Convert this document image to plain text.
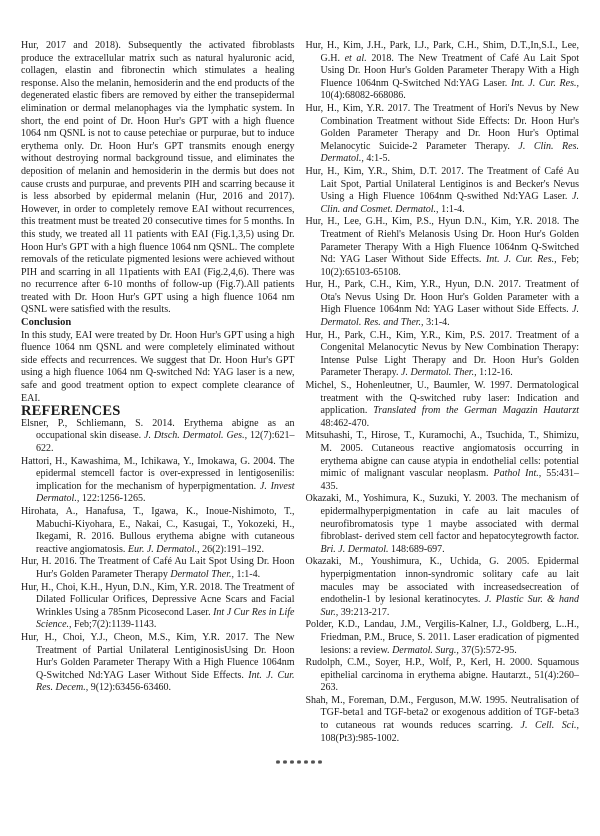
Hur, 2017 and 2018). Subsequently the activated fibroblasts produce the extracellular matrix such as natural hyaluronic acid, collagen, elastin and fibronectin which stimulates a healing response. Also the melanin, hemosiderin and the end products of the degenerated elastic fibers are removed by either the transepidermal elimination or dermal melanophages via the lymphatic system. In short, the end point of Dr. Hoon Hur's GPT with a high fluence 1064 nm QSNL is not to cause petechiae or purpurae, but to induce erythema only. Dr. Hoon Hur's GPT transmits enough energy without destroying normal background tissue, and eliminates the deposition of melanin and hemosiderin in the dermis but does not cause crusts and purpurae, and prevents PIH and scarring because it is less absorbed by epidermal melanin (Hur, 2016 and 2017). However, in order to completely remove EAI without recurrences, this treatment must be treated 20 consecutive times for 5 months. In this study, we treated all 11 patients with EAI (Fig.1,3,5) using Dr. Hoon Hur's GPT with a high fluence 1064 nm QSNL. The complete removals of the reticulate pigmented lesions were achieved without PIH and scarring in all 11patients with EAI (Fig.2,4,6). There was no recurrence after 6-10 months of follow-up (Fig.7).All patients treated with Dr. Hoon Hur's GPT using a high fluence 1064 nm QSNL were satisfied with the results.

Conclusion

In this study, EAI were treated by Dr. Hoon Hur's GPT using a high fluence 1064 nm QSNL and were completely eliminated without side effects and recurrences. We suggest that Dr. Hoon Hur's GPT using a high fluence 1064 nm Q-switched Nd: YAG laser is a new, safe and good treatment option to expect complete clearance of EAI.

REFERENCES

Elsner, P., Schliemann, S. 2014. Erythema abigne as an occupational skin disease. J. Dtsch. Dermatol. Ges., 12(7):621–622.

Hattori, H., Kawashima, M., Ichikawa, Y., Imokawa, G. 2004. The epidermal stemcell factor is over-expressed in lentigosenilis: implication for the mechanism of hyperpigmentation. J. Invest Dermatol., 122:1256-1265.

Hirohata, A., Hanafusa, T., Igawa, K., Inoue-Nishimoto, T., Mabuchi-Kiyohara, E., Nakai, C., Kasugai, T., Yokozeki, H., Ikegami, R. 2016. Bullous erythema abigne with cutaneous reactive angiomatosis. Eur. J. Dermatol., 26(2):191–192.

Hur, H. 2016. The Treatment of Café Au Lait Spot Using Dr. Hoon Hur's Golden Parameter Therapy Dermatol Ther., 1:1-4.

Hur, H., Choi, K.H., Hyun, D.N., Kim, Y.R. 2018. The Treatment of Dilated Follicular Orifices, Depressive Acne Scars and Facial Wrinkles Using a 785nm Picosecond Laser. Int J Cur Res in Life Science., Feb;7(2):1139-1143.

Hur, H., Choi, Y.J., Cheon, M.S., Kim, Y.R. 2017. The New Treatment of Partial Unilateral LentiginosisUsing Dr. Hoon Hur's Golden Parameter Therapy With a High Fluence 1064nm Q-Switched Nd:YAG Laser Without Side Effects. Int. J. Cur. Res. Decem., 9(12):63456-63460.

Hur, H., Kim, J.H., Park, I.J., Park, C.H., Shim, D.T.,In,S.I., Lee, G.H. et al. 2018. The New Treatment of Café Au Lait Spot Using Dr. Hoon Hur's Golden Parameter Therapy With a High Fluence 1064nm Q-Switched Nd:YAG Laser. Int. J. Cur. Res., 10(4):68082-668086.

Hur, H., Kim, Y.R. 2017. The Treatment of Hori's Nevus by New Combination Treatment without Side Effects: Dr. Hoon Hur's Golden Parameter Therapy and Dr. Hoon Hur's Optimal Melanocytic Suicide-2 Parameter Therapy. J. Clin. Res. Dermatol., 4:1-5.

Hur, H., Kim, Y.R., Shim, D.T. 2017. The Treatment of Café Au Lait Spot, Partial Unilateral Lentiginos is and Becker's Nevus Using a High Fluence 1064nm Q-swithed Nd:YAG Laser. J. Clin. and Cosmet. Dermatol., 1:1-4.

Hur, H., Lee, G.H., Kim, P.S., Hyun D.N., Kim, Y.R. 2018. The Treatment of Riehl's Melanosis Using Dr. Hoon Hur's Golden Parameter Therapy With a High Fluence 1064nm Q-Switched Nd: YAG Laser Without Side Effects. Int. J. Cur. Res., Feb; 10(2):65103-65108.

Hur, H., Park, C.H., Kim, Y.R., Hyun, D.N. 2017. Treatment of Ota's Nevus Using Dr. Hoon Hur's Golden Parameter with a High Fluence 1064nm Nd: YAG Laser without Side Effects. J. Dermatol. Res. and Ther., 3:1-4.

Hur, H., Park, C.H., Kim, Y.R., Kim, P.S. 2017. Treatment of a Congenital Melanocytic Nevus by New Combination Therapy: Intense Pulse Light Therapy and Dr. Hoon Hur's Golden Parameter Therapy. J. Dermatol. Ther., 1:12-16.

Michel, S., Hohenleutner, U., Baumler, W. 1997. Dermatological treatment with the Q-switched ruby laser: Indication and application. Translated from the German Magazin Hautarzt 48:462-470.

Mitsuhashi, T., Hirose, T., Kuramochi, A., Tsuchida, T., Shimizu, M. 2005. Cutaneous reactive angiomatosis occurring in erythema abigne can cause atypia in endothelial cells: potential mimic of malignant vascular neoplasm. Pathol Int., 55:431–435.

Okazaki, M., Yoshimura, K., Suzuki, Y. 2003. The mechanism of epidermalhyperpigmentation in cafe au lait macules of neurofibromatosis type 1 maybe associated with dermal fibroblast- derived stem cell factor and hepatocytegrowth factor. Bri. J. Dermatol. 148:689-697.

Okazaki, M., Youshimura, K., Uchida, G. 2005. Epidermal hyperpigmentation innon-syndromic solitary cafe au lait macules may be associated with increasedsecreation of endothelin-1 by lesional keratinocytes. J. Plastic Sur. & hand Sur., 39:213-217.

Polder, K.D., Landau, J.M., Vergilis-Kalner, I.J., Goldberg, L..H., Friedman, P.M., Bruce, S. 2011. Laser eradication of pigmented lesions: a review. Dermatol. Surg., 37(5):572-95.

Rudolph, C.M., Soyer, H.P., Wolf, P., Kerl, H. 2000. Squamous epithelial carcinoma in erythema abigne. Hautarzt., 51(4):260–263.

Shah, M., Foreman, D.M., Ferguson, M.W. 1995. Neutralisation of TGF-beta1 and TGF-beta2 or exogenous addition of TGF-beta3 to cutaneous rat wounds reduces scarring. J. Cell. Sci., 108(Pt3):985-1002.

*******
